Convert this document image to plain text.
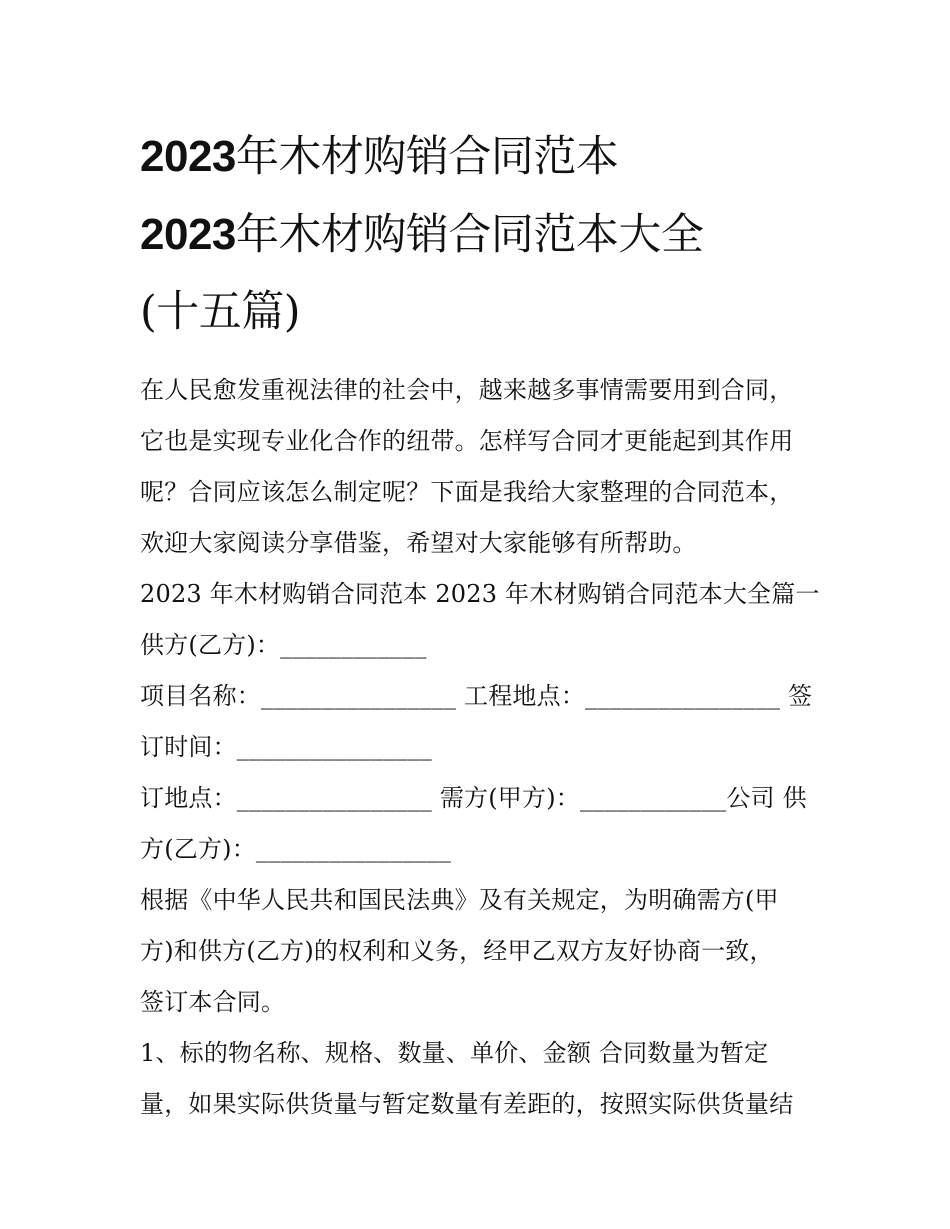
2023年木材购销合同范本
2023年木材购销合同范本大全
(十五篇)
在人民愈发重视法律的社会中，越来越多事情需要用到合同，
它也是实现专业化合作的纽带。怎样写合同才更能起到其作用
呢？合同应该怎么制定呢？下面是我给大家整理的合同范本，
欢迎大家阅读分享借鉴，希望对大家能够有所帮助。
2023 年木材购销合同范本 2023 年木材购销合同范本大全篇一
供方(乙方)：____________
项目名称：________________ 工程地点：________________ 签
订时间：________________
订地点：________________ 需方(甲方)：____________公司 供
方(乙方)：________________
根据《中华人民共和国民法典》及有关规定，为明确需方(甲
方)和供方(乙方)的权利和义务，经甲乙双方友好协商一致，
签订本合同。
1、标的物名称、规格、数量、单价、金额 合同数量为暂定
量，如果实际供货量与暂定数量有差距的，按照实际供货量结
